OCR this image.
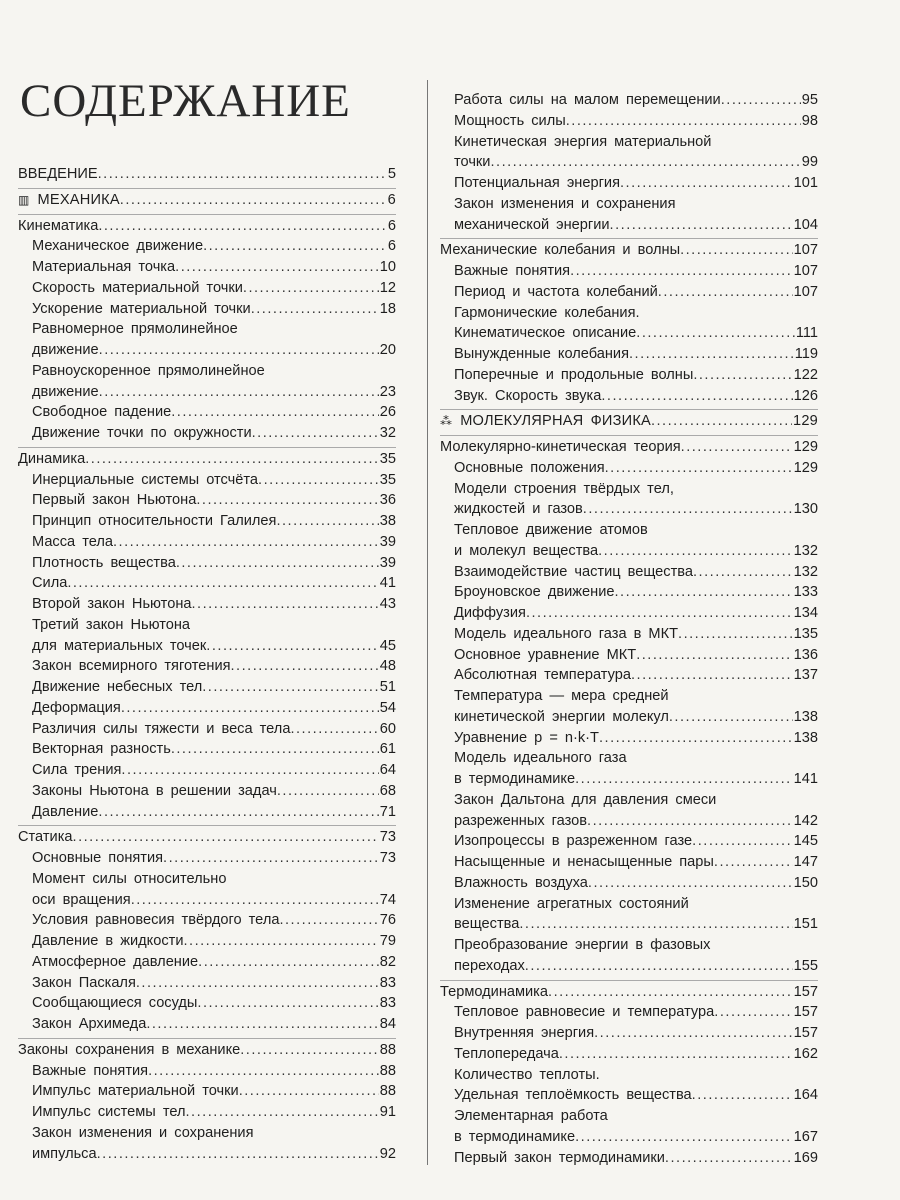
СОДЕРЖАНИЕ
ВВЕДЕНИЕ .....	5
▥ МЕХАНИКА .....	6
Кинематика .....	6
Механическое движение .....	6
Материальная точка .....	10
Скорость материальной точки .....	12
Ускорение материальной точки .....	18
Равномерное прямолинейное
движение .....	20
Равноускоренное прямолинейное
движение .....	23
Свободное падение .....	26
Движение точки по окружности .....	32
Динамика .....	35
Инерциальные системы отсчёта .....	35
Первый закон Ньютона .....	36
Принцип относительности Галилея .....	38
Масса тела .....	39
Плотность вещества .....	39
Сила .....	41
Второй закон Ньютона .....	43
Третий закон Ньютона
для материальных точек .....	45
Закон всемирного тяготения .....	48
Движение небесных тел .....	51
Деформация .....	54
Различия силы тяжести и веса тела .....	60
Векторная разность .....	61
Сила трения .....	64
Законы Ньютона в решении задач .....	68
Давление .....	71
Статика .....	73
Основные понятия .....	73
Момент силы относительно
оси вращения .....	74
Условия равновесия твёрдого тела .....	76
Давление в жидкости .....	79
Атмосферное давление .....	82
Закон Паскаля .....	83
Сообщающиеся сосуды .....	83
Закон Архимеда .....	84
Законы сохранения в механике .....	88
Важные понятия .....	88
Импульс материальной точки .....	88
Импульс системы тел .....	91
Закон изменения и сохранения
импульса .....	92
Работа силы на малом перемещении .....	95
Мощность силы .....	98
Кинетическая энергия материальной
точки .....	99
Потенциальная энергия .....	101
Закон изменения и сохранения
механической энергии .....	104
Механические колебания и волны .....	107
Важные понятия .....	107
Период и частота колебаний .....	107
Гармонические колебания.
Кинематическое описание .....	111
Вынужденные колебания .....	119
Поперечные и продольные волны .....	122
Звук. Скорость звука .....	126
⁂ МОЛЕКУЛЯРНАЯ ФИЗИКА .....	129
Молекулярно-кинетическая теория .....	129
Основные положения .....	129
Модели строения твёрдых тел,
жидкостей и газов .....	130
Тепловое движение атомов
и молекул вещества .....	132
Взаимодействие частиц вещества .....	132
Броуновское движение .....	133
Диффузия .....	134
Модель идеального газа в МКТ .....	135
Основное уравнение МКТ .....	136
Абсолютная температура .....	137
Температура — мера средней
кинетической энергии молекул .....	138
Уравнение p = n·k·T .....	138
Модель идеального газа
в термодинамике .....	141
Закон Дальтона для давления смеси
разреженных газов .....	142
Изопроцессы в разреженном газе .....	145
Насыщенные и ненасыщенные пары .....	147
Влажность воздуха .....	150
Изменение агрегатных состояний
вещества .....	151
Преобразование энергии в фазовых
переходах .....	155
Термодинамика .....	157
Тепловое равновесие и температура .....	157
Внутренняя энергия .....	157
Теплопередача .....	162
Количество теплоты.
Удельная теплоёмкость вещества .....	164
Элементарная работа
в термодинамике .....	167
Первый закон термодинамики .....	169
